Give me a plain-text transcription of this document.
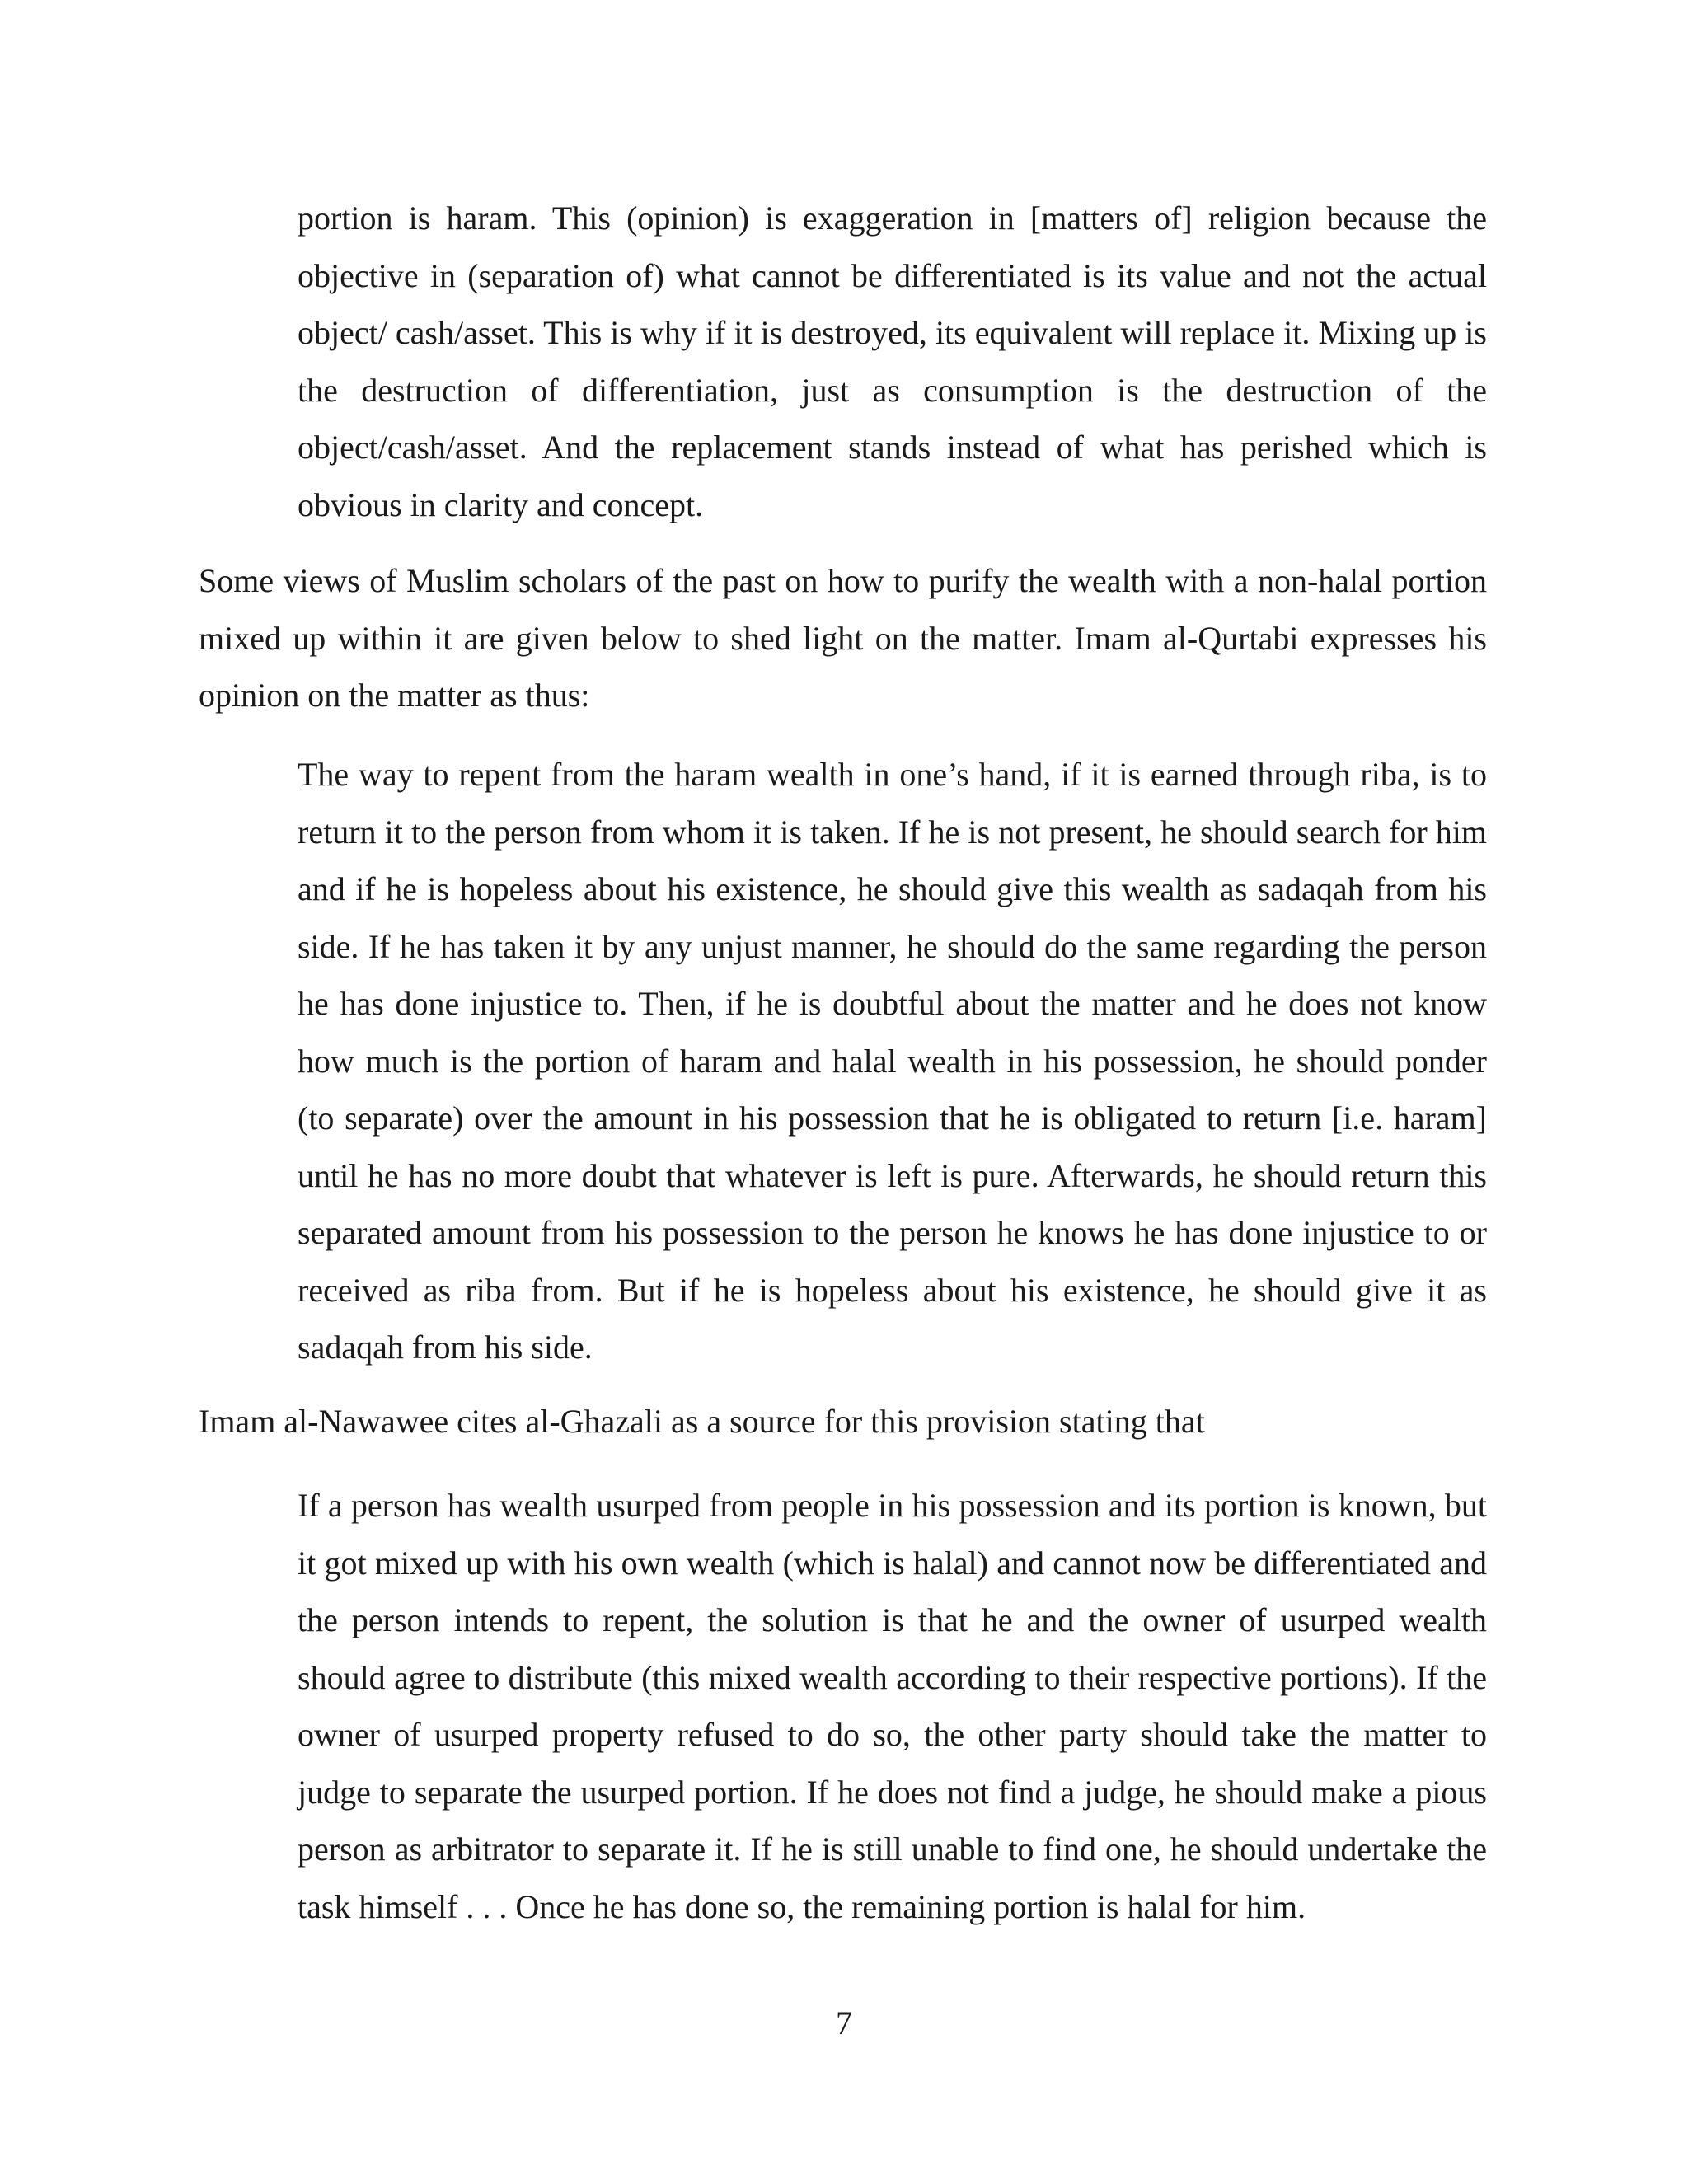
portion is haram. This (opinion) is exaggeration in [matters of] religion because the objective in (separation of) what cannot be differentiated is its value and not the actual object/ cash/asset. This is why if it is destroyed, its equivalent will replace it. Mixing up is the destruction of differentiation, just as consumption is the destruction of the object/cash/asset. And the replacement stands instead of what has perished which is obvious in clarity and concept.

Some views of Muslim scholars of the past on how to purify the wealth with a non-halal portion mixed up within it are given below to shed light on the matter. Imam al-Qurtabi expresses his opinion on the matter as thus:

The way to repent from the haram wealth in one’s hand, if it is earned through riba, is to return it to the person from whom it is taken. If he is not present, he should search for him and if he is hopeless about his existence, he should give this wealth as sadaqah from his side. If he has taken it by any unjust manner, he should do the same regarding the person he has done injustice to. Then, if he is doubtful about the matter and he does not know how much is the portion of haram and halal wealth in his possession, he should ponder (to separate) over the amount in his possession that he is obligated to return [i.e. haram] until he has no more doubt that whatever is left is pure. Afterwards, he should return this separated amount from his possession to the person he knows he has done injustice to or received as riba from. But if he is hopeless about his existence, he should give it as sadaqah from his side.

Imam al-Nawawee cites al-Ghazali as a source for this provision stating that

If a person has wealth usurped from people in his possession and its portion is known, but it got mixed up with his own wealth (which is halal) and cannot now be differentiated and the person intends to repent, the solution is that he and the owner of usurped wealth should agree to distribute (this mixed wealth according to their respective portions). If the owner of usurped property refused to do so, the other party should take the matter to judge to separate the usurped portion. If he does not find a judge, he should make a pious person as arbitrator to separate it. If he is still unable to find one, he should undertake the task himself . . . Once he has done so, the remaining portion is halal for him.

7
